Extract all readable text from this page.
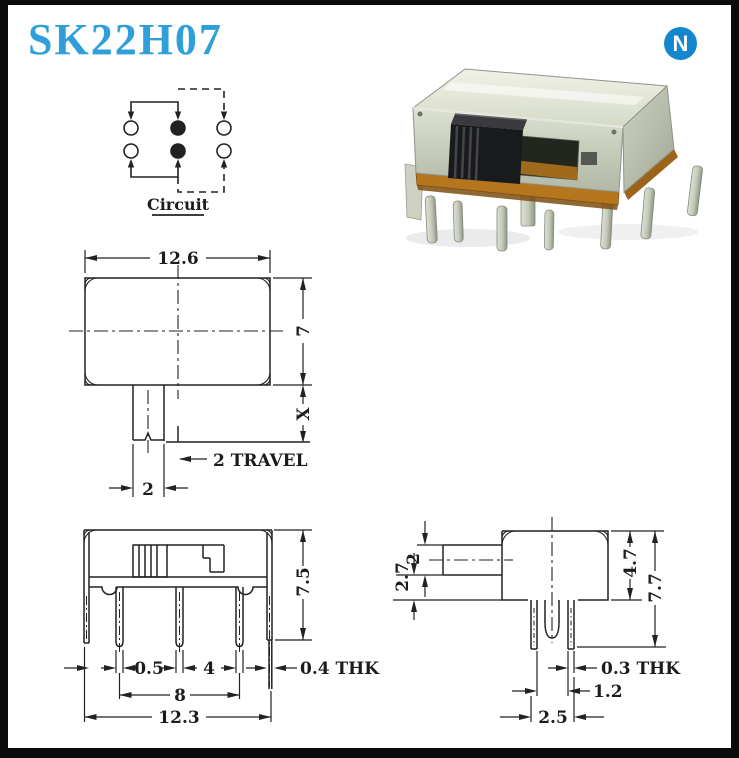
SK22H07	N
Circuit
12.6
7
X
2 TRAVEL
2
0.5 4	0.4 THK
8
12.3
7.5
2
2.7	4.7
7.7
0.3 THK
1.2
2.5
